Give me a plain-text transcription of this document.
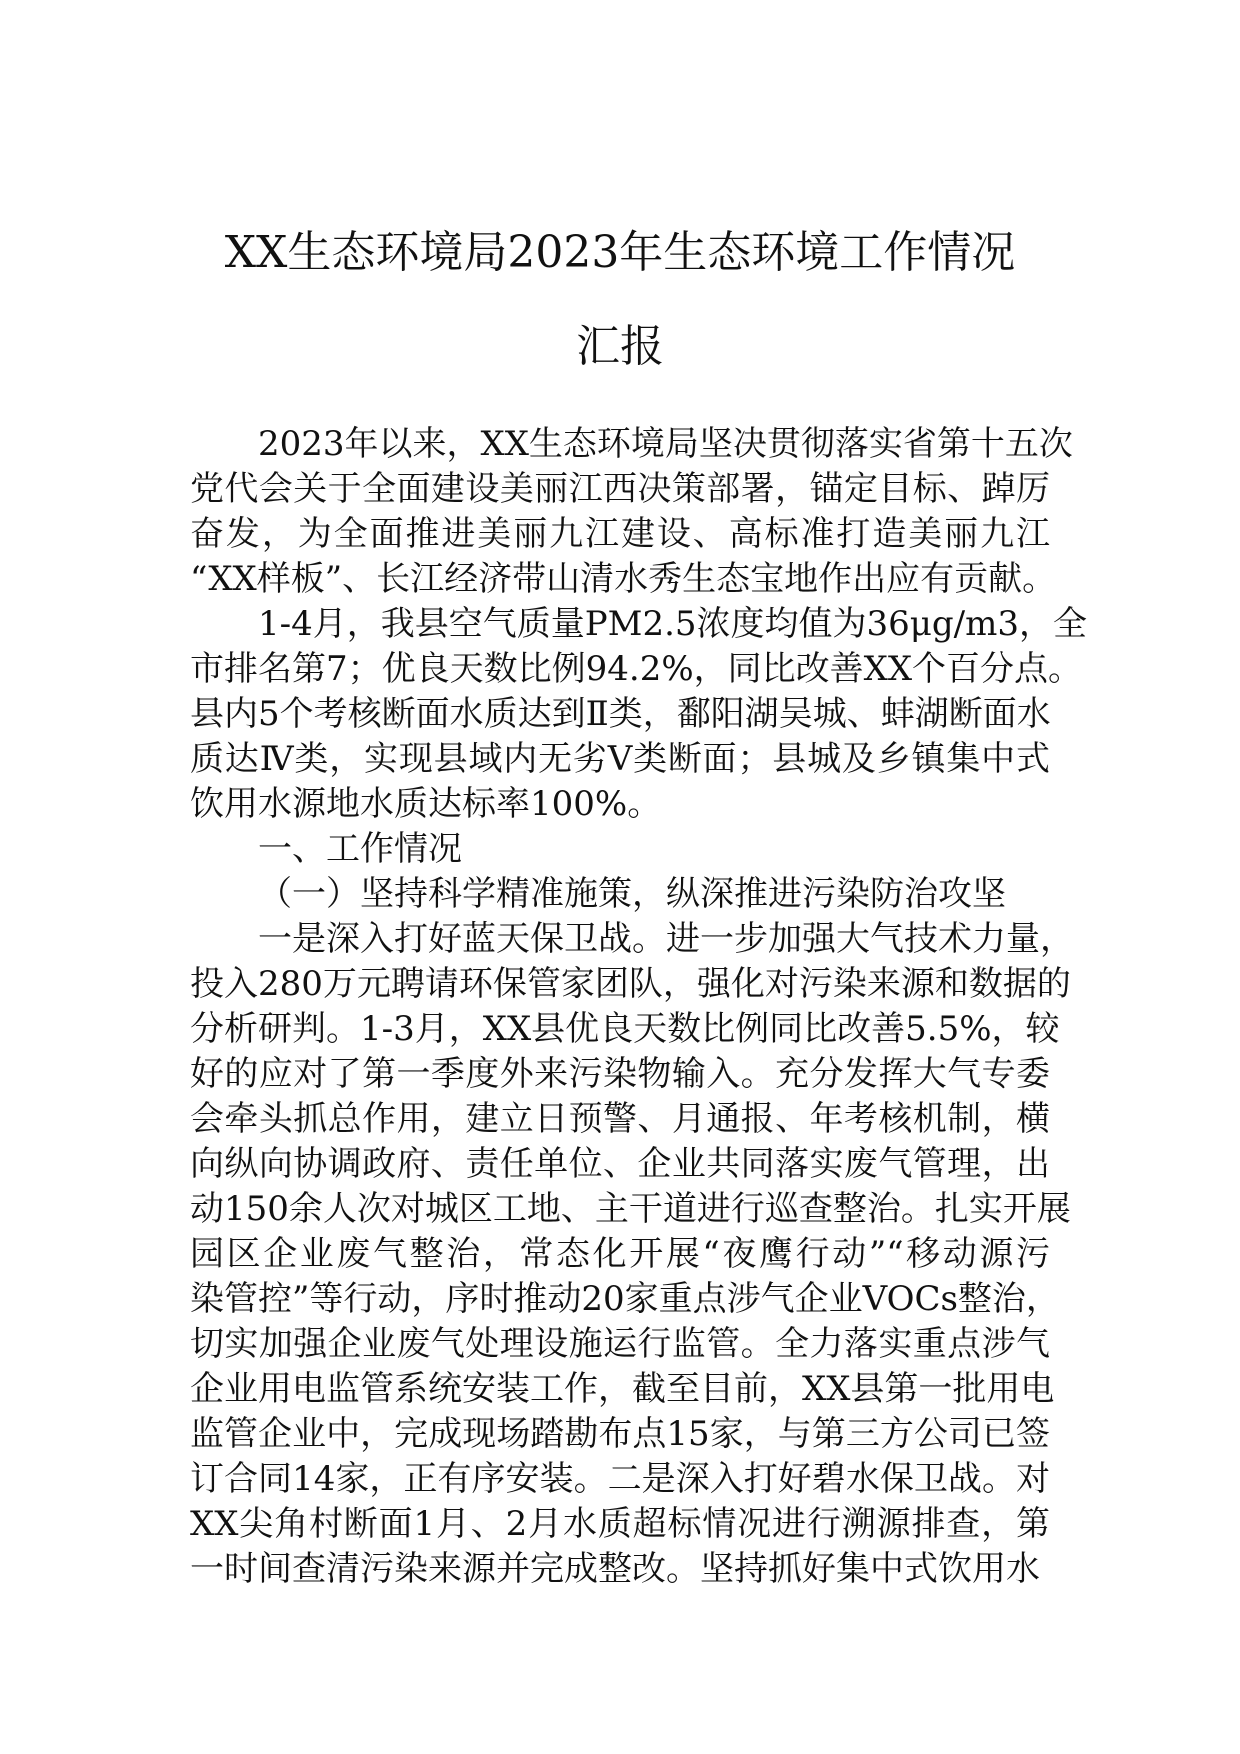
XX生态环境局2023年生态环境工作情况
汇报
2023年以来，XX生态环境局坚决贯彻落实省第十五次
党代会关于全面建设美丽江西决策部署，锚定目标、踔厉
奋发，为全面推进美丽九江建设、高标准打造美丽九江
“XX样板”、长江经济带山清水秀生态宝地作出应有贡献。
1-4月，我县空气质量PM2.5浓度均值为36μg/m3，全
市排名第7；优良天数比例94.2%，同比改善XX个百分点。
县内5个考核断面水质达到Ⅱ类，鄱阳湖吴城、蚌湖断面水
质达Ⅳ类，实现县域内无劣Ⅴ类断面；县城及乡镇集中式
饮用水源地水质达标率100%。
一、工作情况
（一）坚持科学精准施策，纵深推进污染防治攻坚
一是深入打好蓝天保卫战。进一步加强大气技术力量，
投入280万元聘请环保管家团队，强化对污染来源和数据的
分析研判。1-3月，XX县优良天数比例同比改善5.5%，较
好的应对了第一季度外来污染物输入。充分发挥大气专委
会牵头抓总作用，建立日预警、月通报、年考核机制，横
向纵向协调政府、责任单位、企业共同落实废气管理，出
动150余人次对城区工地、主干道进行巡查整治。扎实开展
园区企业废气整治，常态化开展“夜鹰行动”“移动源污
染管控”等行动，序时推动20家重点涉气企业VOCs整治，
切实加强企业废气处理设施运行监管。全力落实重点涉气
企业用电监管系统安装工作，截至目前，XX县第一批用电
监管企业中，完成现场踏勘布点15家，与第三方公司已签
订合同14家，正有序安装。二是深入打好碧水保卫战。对
XX尖角村断面1月、2月水质超标情况进行溯源排查，第
一时间查清污染来源并完成整改。坚持抓好集中式饮用水
